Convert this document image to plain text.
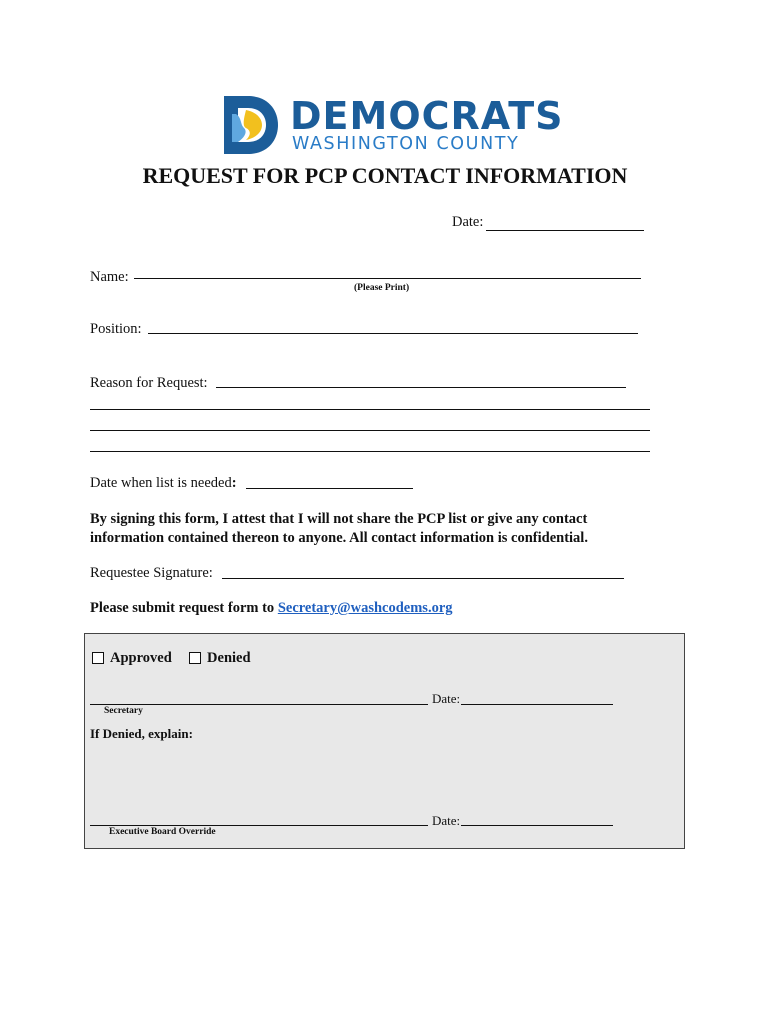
DEMOCRATS
WASHINGTON COUNTY
REQUEST FOR PCP CONTACT INFORMATION
Date:
Name:
(Please Print)
Position:
Reason for Request:
Date when list is needed:
By signing this form, I attest that I will not share the PCP list or give any contact information contained thereon to anyone. All contact information is confidential.
Requestee Signature:
Please submit request form to Secretary@washcodems.org
Approved Denied
Date:
Secretary
If Denied, explain:
Date:
Executive Board Override
